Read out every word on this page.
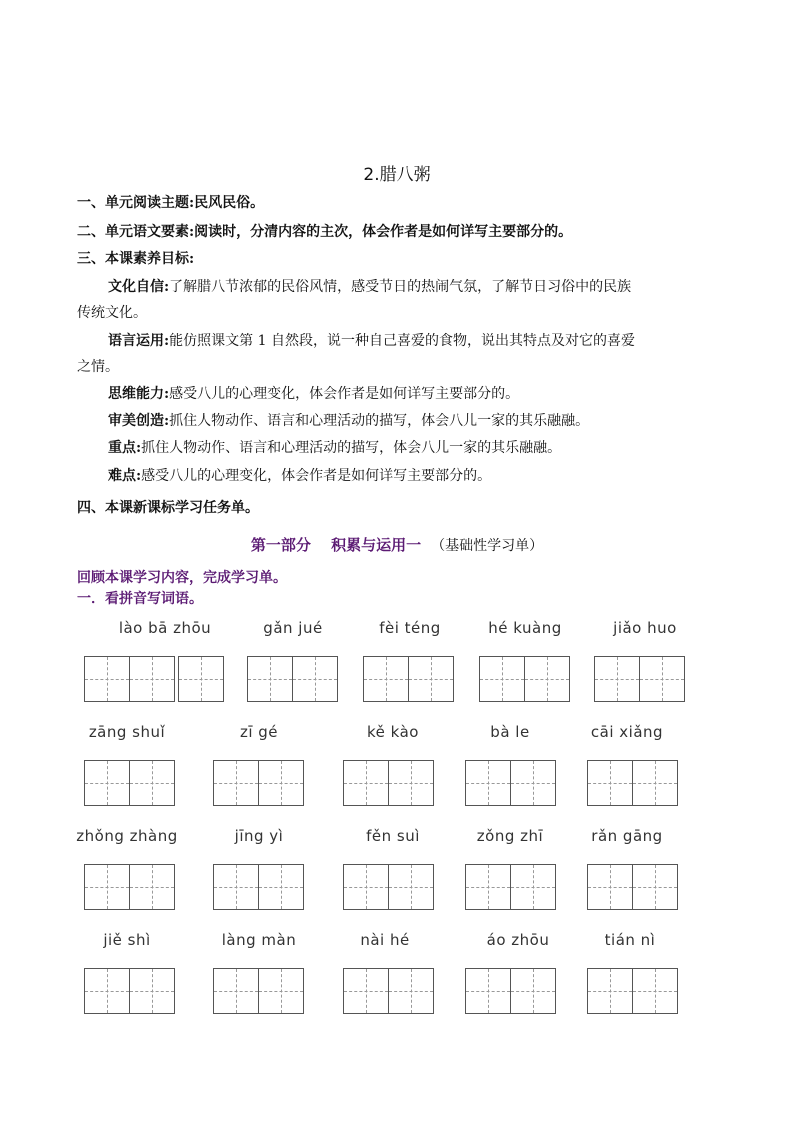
2.腊八粥
一、单元阅读主题:民风民俗。
二、单元语文要素:阅读时，分清内容的主次，体会作者是如何详写主要部分的。
三、本课素养目标:
文化自信:了解腊八节浓郁的民俗风情，感受节日的热闹气氛，了解节日习俗中的民族
传统文化。
语言运用:能仿照课文第 1 自然段，说一种自己喜爱的食物，说出其特点及对它的喜爱
之情。
思维能力:感受八儿的心理变化，体会作者是如何详写主要部分的。
审美创造:抓住人物动作、语言和心理活动的描写，体会八儿一家的其乐融融。
重点:抓住人物动作、语言和心理活动的描写，体会八儿一家的其乐融融。
难点:感受八儿的心理变化，体会作者是如何详写主要部分的。
四、本课新课标学习任务单。
第一部分　 积累与运用一 （基础性学习单）
回顾本课学习内容，完成学习单。
一．看拼音写词语。
lào bā zhōu	gǎn jué	fèi téng	hé kuàng	jiǎo huo
zāng shuǐ	zī gé	kě kào	bà le	cāi xiǎng
zhǒng zhàng	jīng yì	fěn suì	zǒng zhī	rǎn gāng
jiě shì	làng màn	nài hé	áo zhōu	tián nì
